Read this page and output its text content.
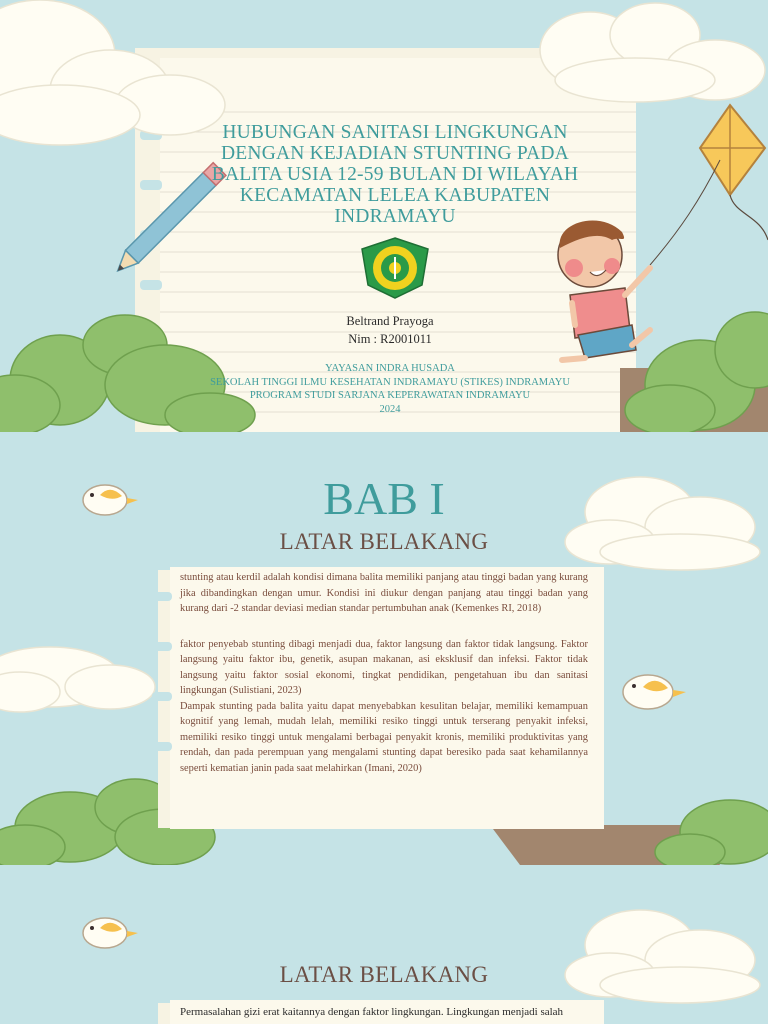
HUBUNGAN SANITASI LINGKUNGAN DENGAN KEJADIAN STUNTING PADA BALITA USIA 12-59 BULAN DI WILAYAH KECAMATAN LELEA KABUPATEN INDRAMAYU
Beltrand Prayoga
Nim : R2001011
YAYASAN INDRA HUSADA
SEKOLAH TINGGI ILMU KESEHATAN INDRAMAYU (STIKES) INDRAMAYU
PROGRAM STUDI SARJANA KEPERAWATAN INDRAMAYU
2024
BAB I
LATAR BELAKANG

stunting atau kerdil adalah kondisi dimana balita memiliki panjang atau tinggi badan yang kurang jika dibandingkan dengan umur. Kondisi ini diukur dengan panjang atau tinggi badan yang kurang dari -2 standar deviasi median standar pertumbuhan anak (Kemenkes RI, 2018)

faktor penyebab stunting dibagi menjadi dua, faktor langsung dan faktor tidak langsung. Faktor langsung yaitu faktor ibu, genetik, asupan makanan, asi eksklusif dan infeksi. Faktor tidak langsung yaitu faktor sosial ekonomi, tingkat pendidikan, pengetahuan ibu dan sanitasi lingkungan (Sulistiani, 2023)

Dampak stunting pada balita yaitu dapat menyebabkan kesulitan belajar, memiliki kemampuan kognitif yang lemah, mudah lelah, memiliki resiko tinggi untuk terserang penyakit infeksi, memiliki resiko tinggi untuk mengalami berbagai penyakit kronis, memiliki produktivitas yang rendah, dan pada perempuan yang mengalami stunting dapat beresiko pada saat kehamilannya seperti kematian janin pada saat melahirkan (Imani, 2020)

LATAR BELAKANG
Permasalahan gizi erat kaitannya dengan faktor lingkungan. Lingkungan menjadi salah
